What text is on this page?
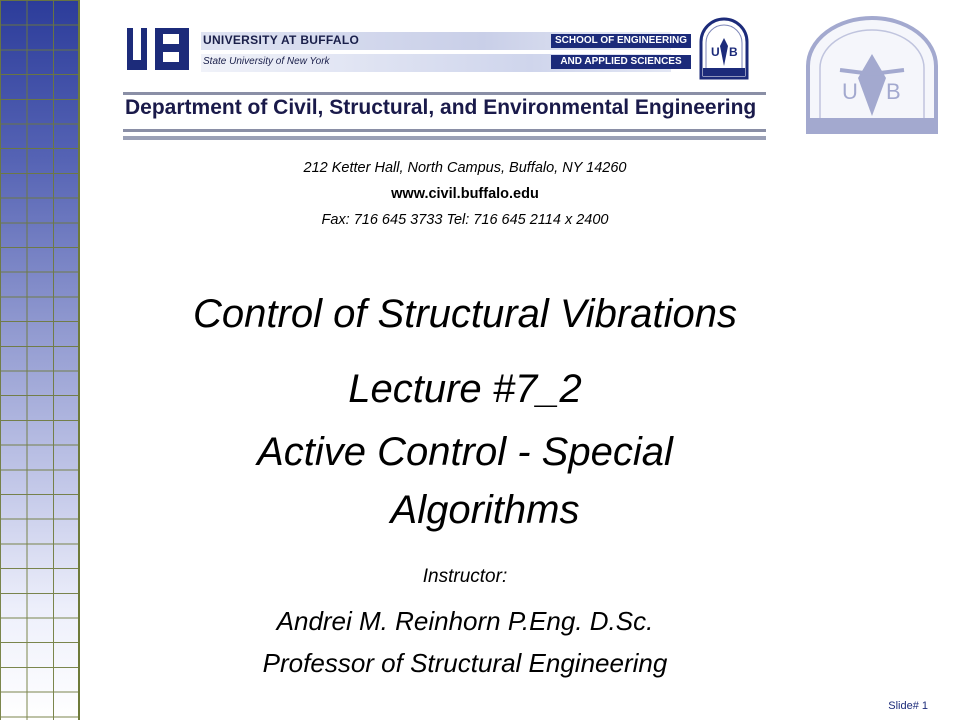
UNIVERSITY AT BUFFALO
State University of New York
SCHOOL OF ENGINEERING
AND APPLIED SCIENCES
U B
Department of Civil, Structural, and Environmental Engineering
U B
212 Ketter Hall, North Campus, Buffalo, NY 14260
www.civil.buffalo.edu
Fax: 716 645 3733 Tel: 716 645 2114 x 2400
Control of Structural Vibrations
Lecture #7_2
Active Control - Special
Algorithms
Instructor:
Andrei M. Reinhorn P.Eng. D.Sc.
Professor of Structural Engineering
Slide# 1
